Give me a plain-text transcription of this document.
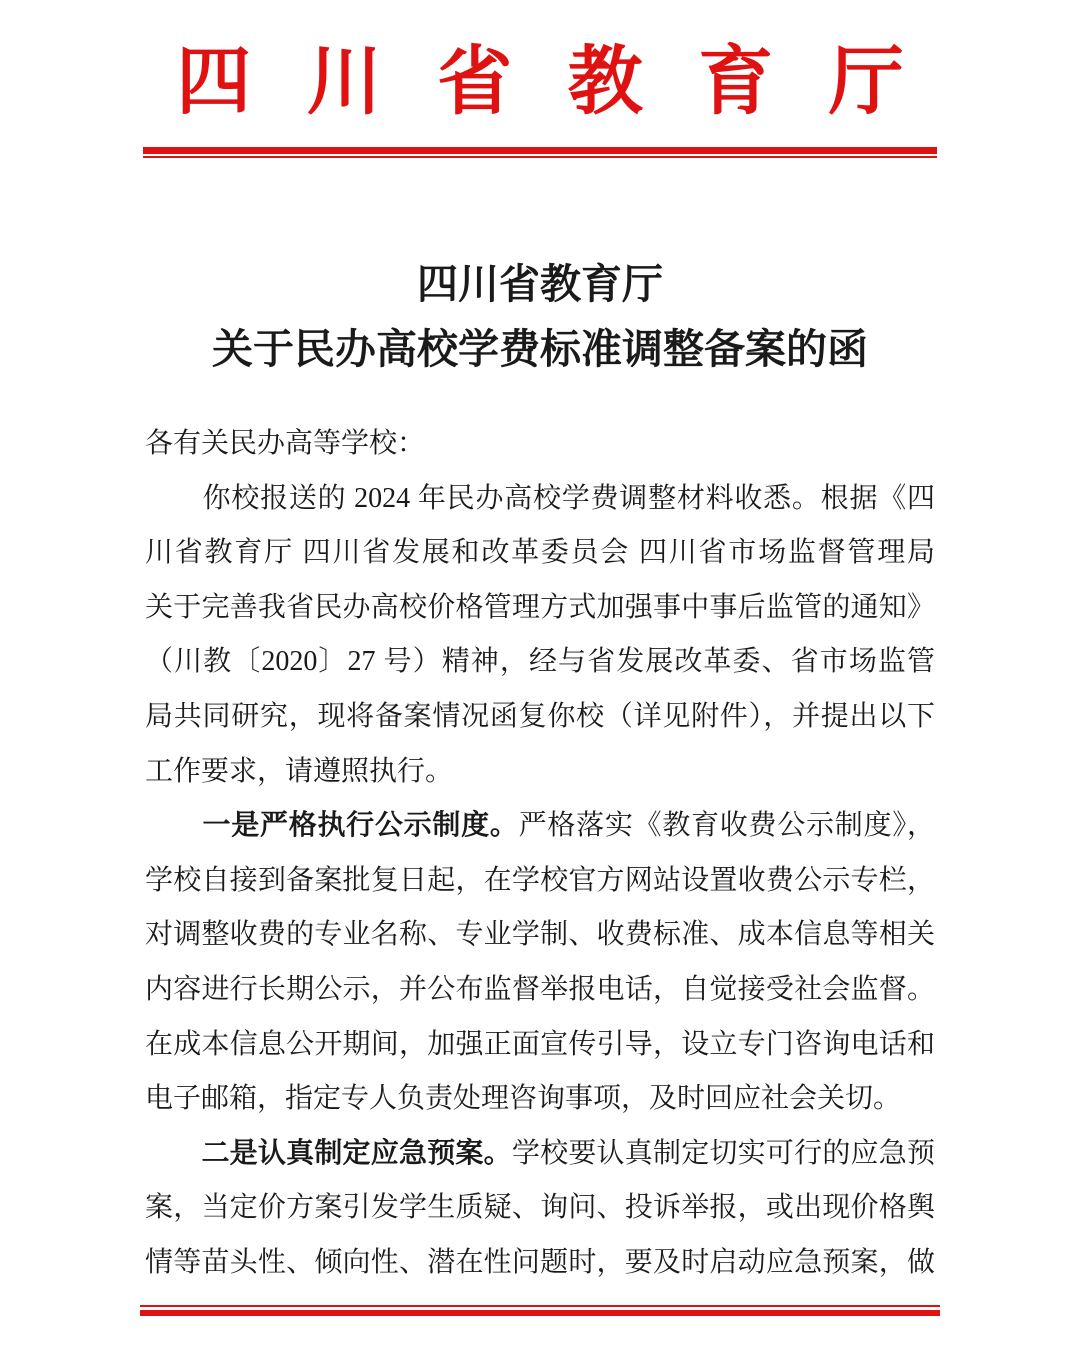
四川省教育厅
四川省教育厅
关于民办高校学费标准调整备案的函
各有关民办高等学校：
　　你校报送的 2024 年民办高校学费调整材料收悉。根据《四
川省教育厅 四川省发展和改革委员会 四川省市场监督管理局
关于完善我省民办高校价格管理方式加强事中事后监管的通知》
（川教〔2020〕27 号）精神，经与省发展改革委、省市场监管
局共同研究，现将备案情况函复你校（详见附件），并提出以下
工作要求，请遵照执行。
　　一是严格执行公示制度。严格落实《教育收费公示制度》，
学校自接到备案批复日起，在学校官方网站设置收费公示专栏，
对调整收费的专业名称、专业学制、收费标准、成本信息等相关
内容进行长期公示，并公布监督举报电话，自觉接受社会监督。
在成本信息公开期间，加强正面宣传引导，设立专门咨询电话和
电子邮箱，指定专人负责处理咨询事项，及时回应社会关切。
　　二是认真制定应急预案。学校要认真制定切实可行的应急预
案，当定价方案引发学生质疑、询问、投诉举报，或出现价格舆
情等苗头性、倾向性、潜在性问题时，要及时启动应急预案，做
